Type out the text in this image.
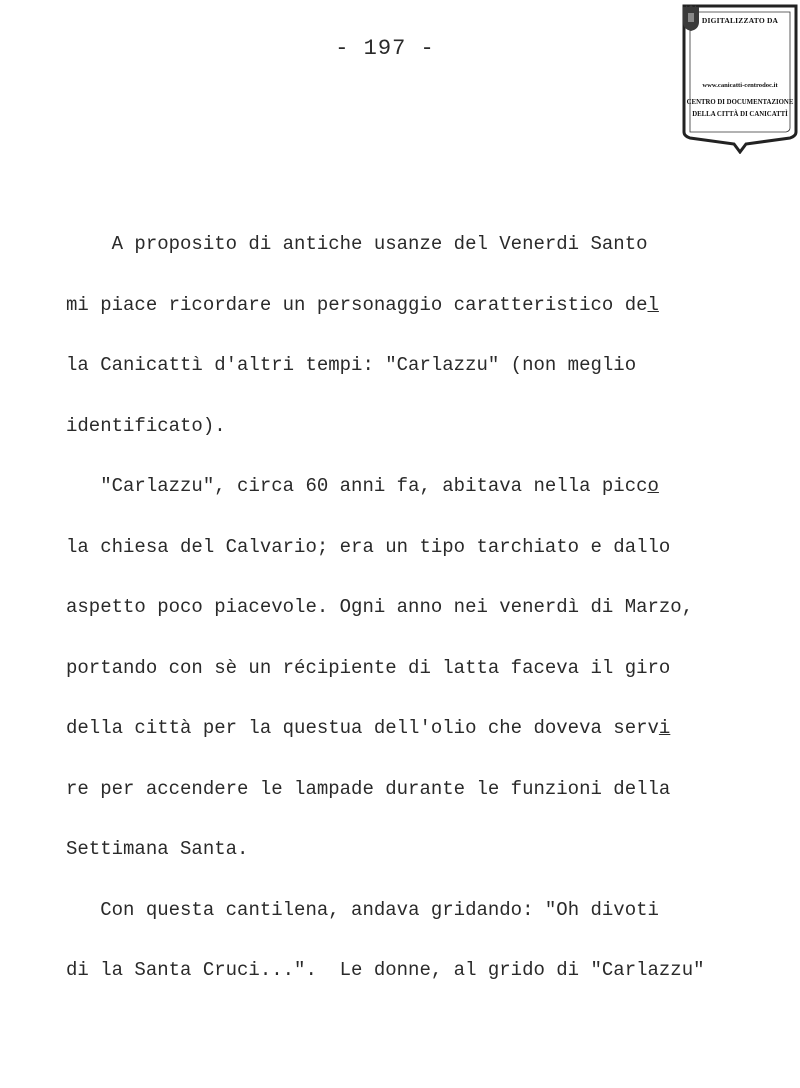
- 197 -
DIGITALIZZATO DA
www.canicatti-centrodoc.it
CENTRO DI DOCUMENTAZIONE
DELLA CITTÀ DI CANICATTÌ
A proposito di antiche usanze del Venerdi Santo
mi piace ricordare un personaggio caratteristico del
la Canicattì d'altri tempi: "Carlazzu" (non meglio
identificato).
"Carlazzu", circa 60 anni fa, abitava nella picco
la chiesa del Calvario; era un tipo tarchiato e dallo
aspetto poco piacevole. Ogni anno nei venerdì di Marzo,
portando con sè un récipiente di latta faceva il giro
della città per la questua dell'olio che doveva servi
re per accendere le lampade durante le funzioni della
Settimana Santa.
Con questa cantilena, andava gridando: "Oh divoti
di la Santa Cruci...".  Le donne, al grido di "Carlazzu"
